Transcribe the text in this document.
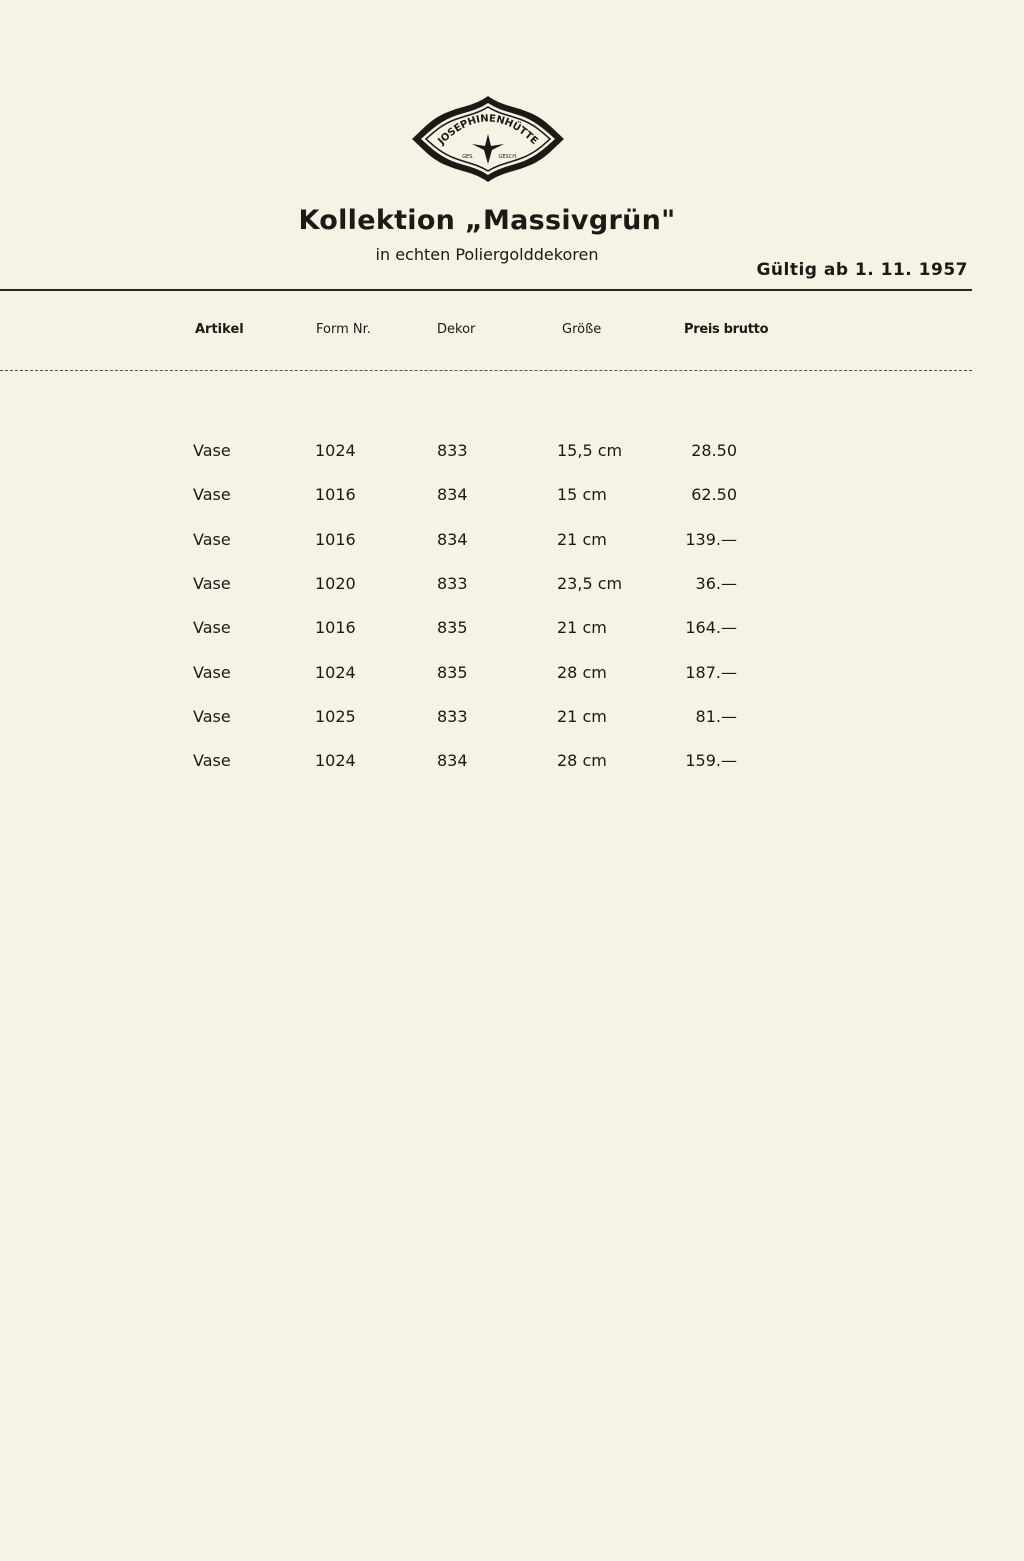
JOSEPHINENHÜTTE
GES.	GESCH.
Kollektion „Massivgrün"
in echten Poliergolddekoren
Gültig ab 1. 11. 1957
Artikel	Form Nr.	Dekor	Größe	Preis brutto
Vase	1024	833	15,5 cm	28.50
Vase	1016	834	15 cm	62.50
Vase	1016	834	21 cm	139.—
Vase	1020	833	23,5 cm	36.—
Vase	1016	835	21 cm	164.—
Vase	1024	835	28 cm	187.—
Vase	1025	833	21 cm	81.—
Vase	1024	834	28 cm	159.—
